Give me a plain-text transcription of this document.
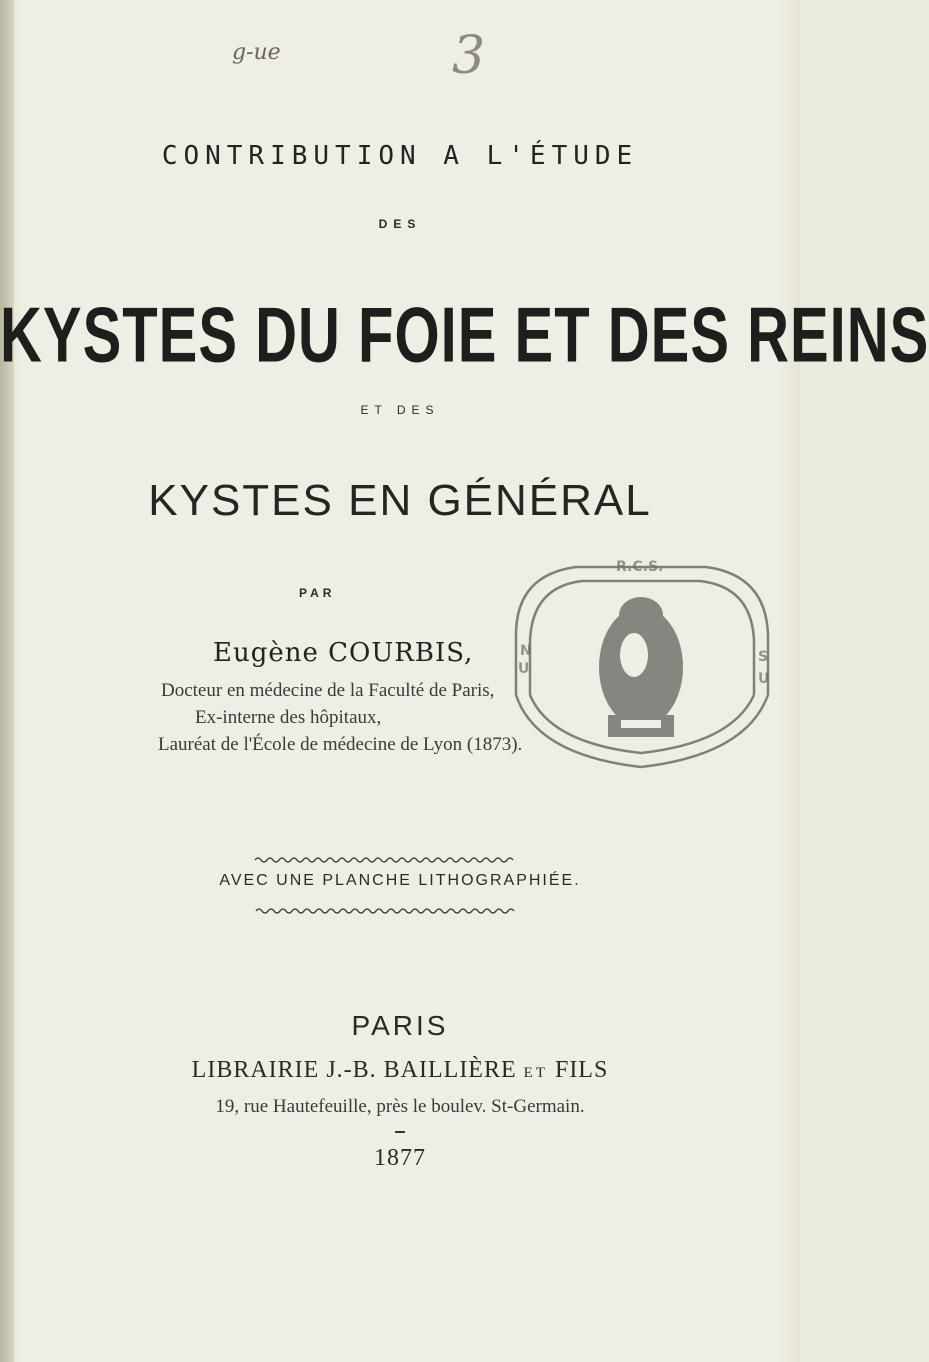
g-ue	3
CONTRIBUTION A L'ÉTUDE
DES
KYSTES DU FOIE ET DES REINS
ET DES
KYSTES EN GÉNÉRAL
PAR
Eugène COURBIS,
Docteur en médecine de la Faculté de Paris,
Ex-interne des hôpitaux,
Lauréat de l'École de médecine de Lyon (1873).
U
N	S
U
R.C.S.
AVEC UNE PLANCHE LITHOGRAPHIÉE.
PARIS
LIBRAIRIE J.-B. BAILLIÈRE ET FILS
19, rue Hautefeuille, près le boulev. St-Germain.
1877
